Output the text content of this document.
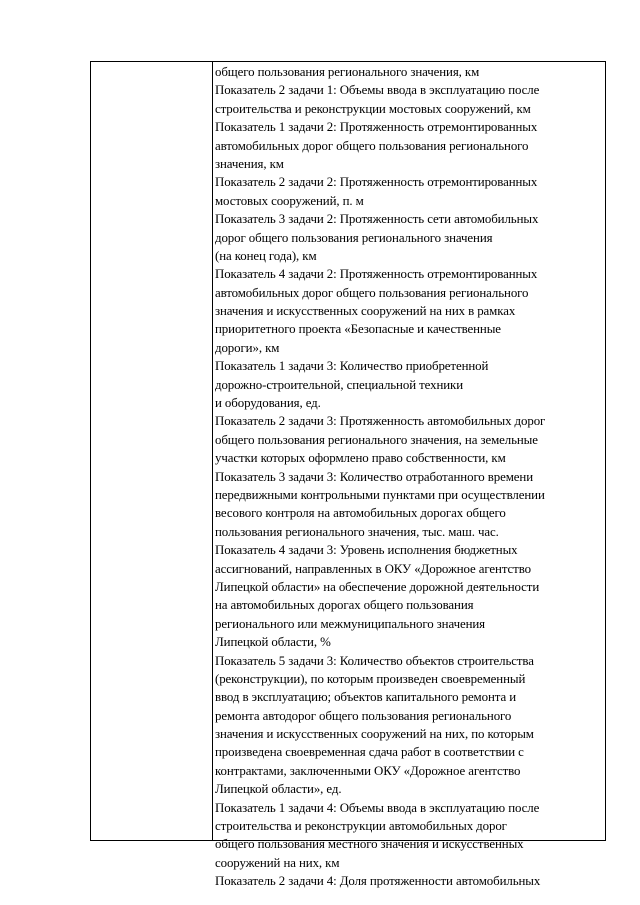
общего пользования регионального значения, км
Показатель 2 задачи 1: Объемы ввода в эксплуатацию после
строительства и реконструкции мостовых сооружений, км
Показатель 1 задачи 2: Протяженность отремонтированных
автомобильных дорог общего пользования регионального
значения, км
Показатель 2 задачи 2: Протяженность отремонтированных
мостовых сооружений, п. м
Показатель 3 задачи 2: Протяженность сети автомобильных
дорог общего пользования регионального значения
(на конец года), км
Показатель 4 задачи 2: Протяженность отремонтированных
автомобильных дорог общего пользования регионального
значения и искусственных сооружений на них в рамках
приоритетного проекта «Безопасные и качественные
дороги», км
Показатель 1 задачи 3: Количество приобретенной
дорожно-строительной, специальной техники
и оборудования, ед.
Показатель 2 задачи 3: Протяженность автомобильных дорог
общего пользования регионального значения, на земельные
участки которых оформлено право собственности, км
Показатель 3 задачи 3: Количество отработанного времени
передвижными контрольными пунктами при осуществлении
весового контроля на автомобильных дорогах общего
пользования регионального значения, тыс. маш. час.
Показатель 4 задачи 3: Уровень исполнения бюджетных
ассигнований, направленных в ОКУ «Дорожное агентство
Липецкой области» на обеспечение дорожной деятельности
на автомобильных дорогах общего пользования
регионального или межмуниципального значения
Липецкой области, %
Показатель 5 задачи 3: Количество объектов строительства
(реконструкции), по которым произведен своевременный
ввод в эксплуатацию; объектов капитального ремонта и
ремонта автодорог общего пользования регионального
значения и искусственных сооружений на них, по которым
произведена своевременная сдача работ в соответствии с
контрактами, заключенными ОКУ «Дорожное агентство
Липецкой области», ед.
Показатель 1 задачи 4: Объемы ввода в эксплуатацию после
строительства и реконструкции автомобильных дорог
общего пользования местного значения и искусственных
сооружений на них, км
Показатель 2 задачи 4: Доля протяженности автомобильных
